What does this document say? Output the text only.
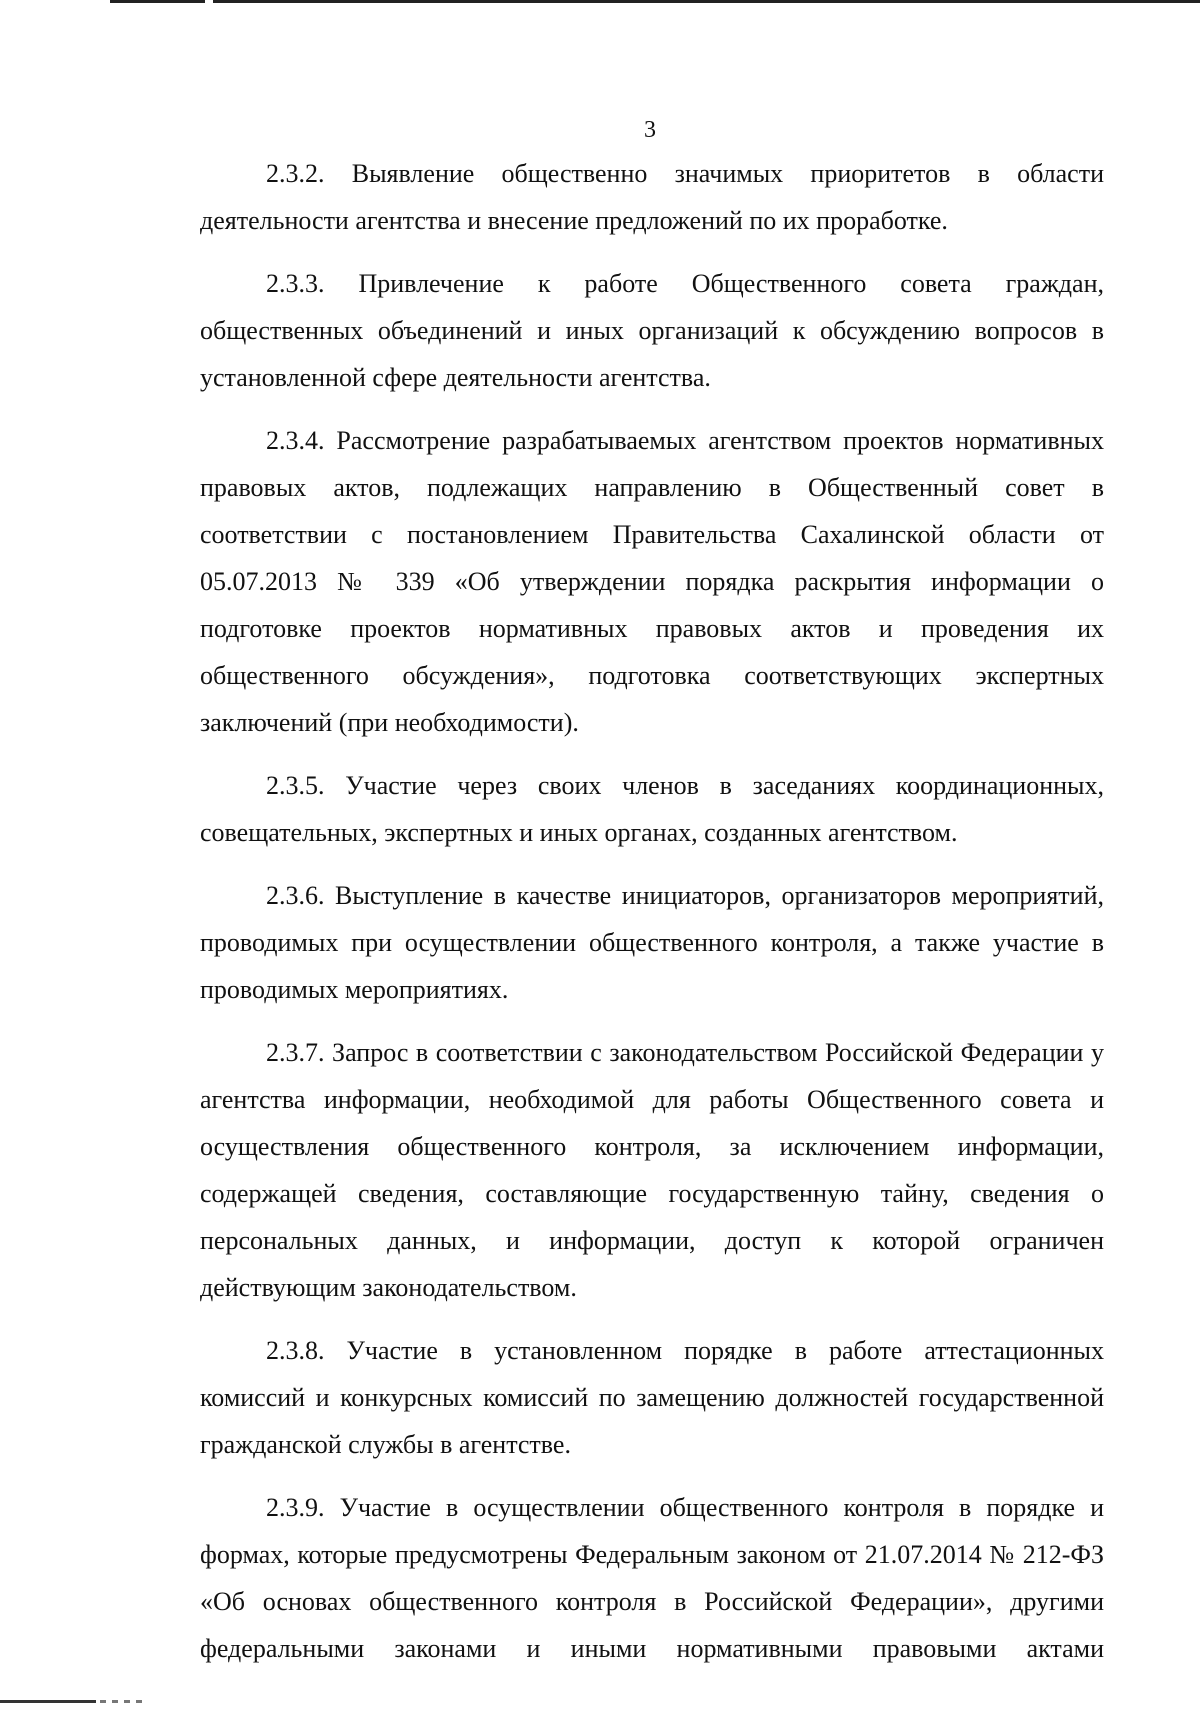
3

2.3.2. Выявление общественно значимых приоритетов в области деятельности агентства и внесение предложений по их проработке.

2.3.3. Привлечение к работе Общественного совета граждан, общественных объединений и иных организаций к обсуждению вопросов в установленной сфере деятельности агентства.

2.3.4. Рассмотрение разрабатываемых агентством проектов нормативных правовых актов, подлежащих направлению в Общественный совет в соответствии с постановлением Правительства Сахалинской области от 05.07.2013 № 339 «Об утверждении порядка раскрытия информации о подготовке проектов нормативных правовых актов и проведения их общественного обсуждения», подготовка соответствующих экспертных заключений (при необходимости).

2.3.5. Участие через своих членов в заседаниях координационных, совещательных, экспертных и иных органах, созданных агентством.

2.3.6. Выступление в качестве инициаторов, организаторов мероприятий, проводимых при осуществлении общественного контроля, а также участие в проводимых мероприятиях.

2.3.7. Запрос в соответствии с законодательством Российской Федерации у агентства информации, необходимой для работы Общественного совета и осуществления общественного контроля, за исключением информации, содержащей сведения, составляющие государственную тайну, сведения о персональных данных, и информации, доступ к которой ограничен действующим законодательством.

2.3.8. Участие в установленном порядке в работе аттестационных комиссий и конкурсных комиссий по замещению должностей государственной гражданской службы в агентстве.

2.3.9. Участие в осуществлении общественного контроля в порядке и формах, которые предусмотрены Федеральным законом от 21.07.2014 № 212-ФЗ «Об основах общественного контроля в Российской Федерации», другими федеральными законами и иными нормативными правовыми актами
